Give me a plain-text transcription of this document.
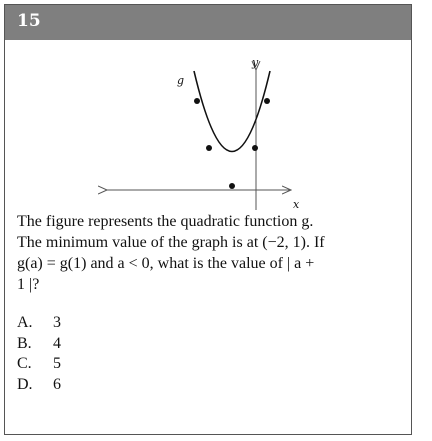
15
g
y
x
The figure represents the quadratic function g.
The minimum value of the graph is at (−2, 1). If
g(a) = g(1) and a < 0, what is the value of | a +
1 |?
A.	3
B.	4
C.	5
D.	6
